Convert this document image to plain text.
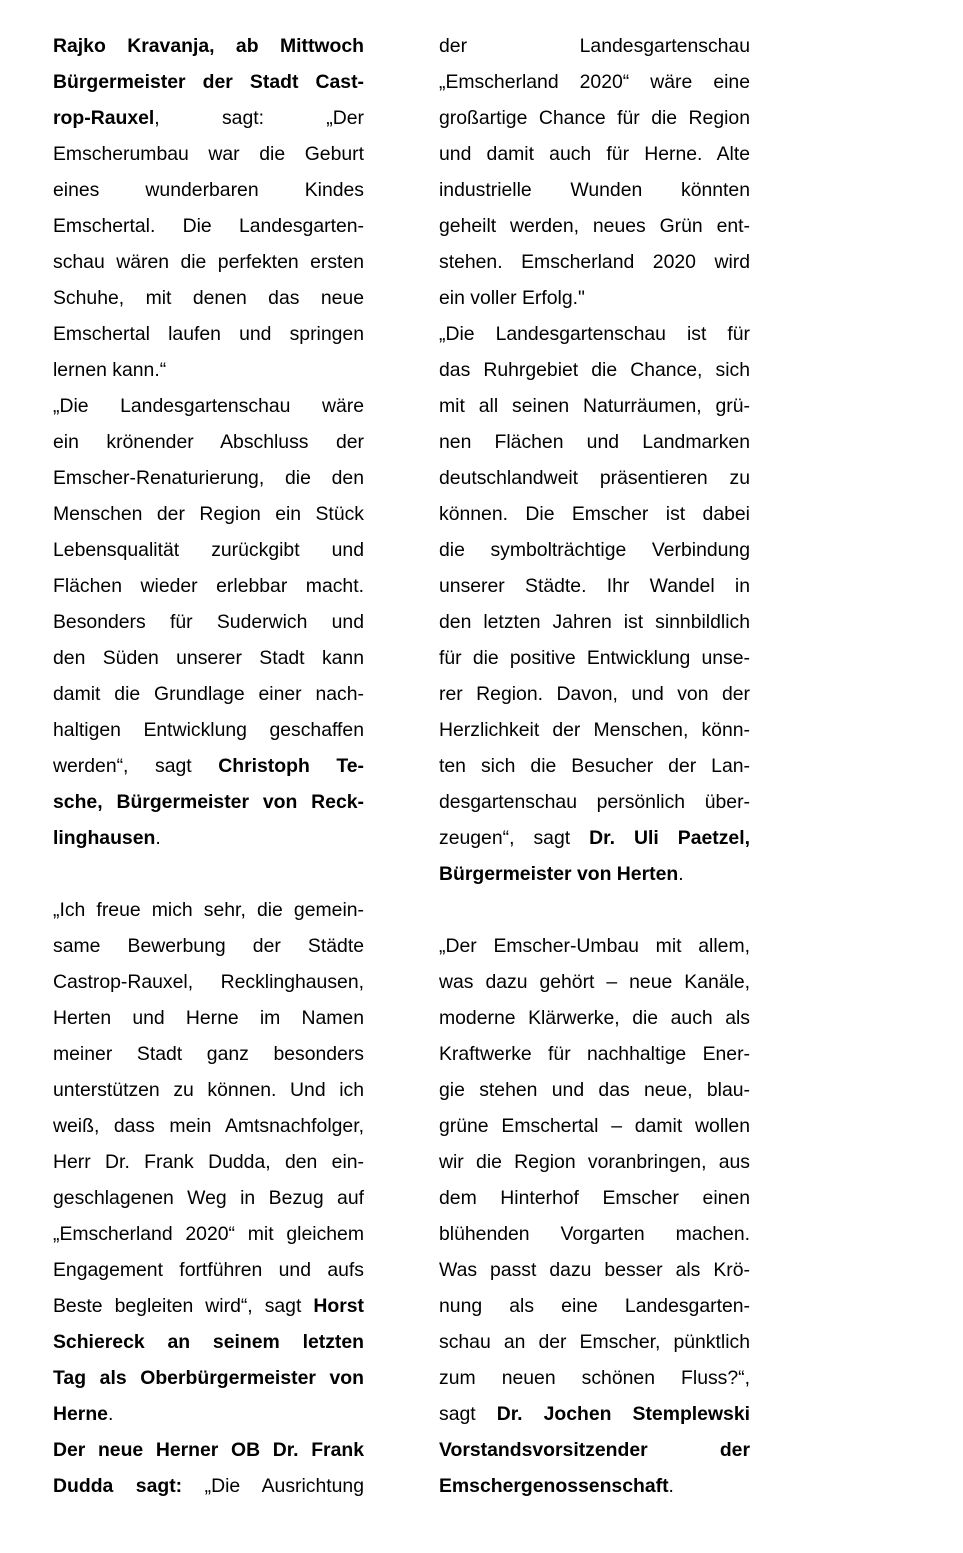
Rajko Kravanja, ab Mittwoch
Bürgermeister der Stadt Cast-
rop-Rauxel, sagt: „Der
Emscherumbau war die Geburt
eines wunderbaren Kindes
Emschertal. Die Landesgarten-
schau wären die perfekten ersten
Schuhe, mit denen das neue
Emschertal laufen und springen
lernen kann.“
„Die Landesgartenschau wäre
ein krönender Abschluss der
Emscher-Renaturierung, die den
Menschen der Region ein Stück
Lebensqualität zurückgibt und
Flächen wieder erlebbar macht.
Besonders für Suderwich und
den Süden unserer Stadt kann
damit die Grundlage einer nach-
haltigen Entwicklung geschaffen
werden“, sagt Christoph Te-
sche, Bürgermeister von Reck-
linghausen.
„Ich freue mich sehr, die gemein-
same Bewerbung der Städte
Castrop-Rauxel, Recklinghausen,
Herten und Herne im Namen
meiner Stadt ganz besonders
unterstützen zu können. Und ich
weiß, dass mein Amtsnachfolger,
Herr Dr. Frank Dudda, den ein-
geschlagenen Weg in Bezug auf
„Emscherland 2020“ mit gleichem
Engagement fortführen und aufs
Beste begleiten wird“, sagt Horst
Schiereck an seinem letzten
Tag als Oberbürgermeister von
Herne.
Der neue Herner OB Dr. Frank
Dudda sagt: „Die Ausrichtung
der Landesgartenschau
„Emscherland 2020“ wäre eine
großartige Chance für die Region
und damit auch für Herne. Alte
industrielle Wunden könnten
geheilt werden, neues Grün ent-
stehen. Emscherland 2020 wird
ein voller Erfolg."
„Die Landesgartenschau ist für
das Ruhrgebiet die Chance, sich
mit all seinen Naturräumen, grü-
nen Flächen und Landmarken
deutschlandweit präsentieren zu
können. Die Emscher ist dabei
die symbolträchtige Verbindung
unserer Städte. Ihr Wandel in
den letzten Jahren ist sinnbildlich
für die positive Entwicklung unse-
rer Region. Davon, und von der
Herzlichkeit der Menschen, könn-
ten sich die Besucher der Lan-
desgartenschau persönlich über-
zeugen“, sagt Dr. Uli Paetzel,
Bürgermeister von Herten.
„Der Emscher-Umbau mit allem,
was dazu gehört – neue Kanäle,
moderne Klärwerke, die auch als
Kraftwerke für nachhaltige Ener-
gie stehen und das neue, blau-
grüne Emschertal – damit wollen
wir die Region voranbringen, aus
dem Hinterhof Emscher einen
blühenden Vorgarten machen.
Was passt dazu besser als Krö-
nung als eine Landesgarten-
schau an der Emscher, pünktlich
zum neuen schönen Fluss?“,
sagt Dr. Jochen Stemplewski
Vorstandsvorsitzender der
Emschergenossenschaft.
